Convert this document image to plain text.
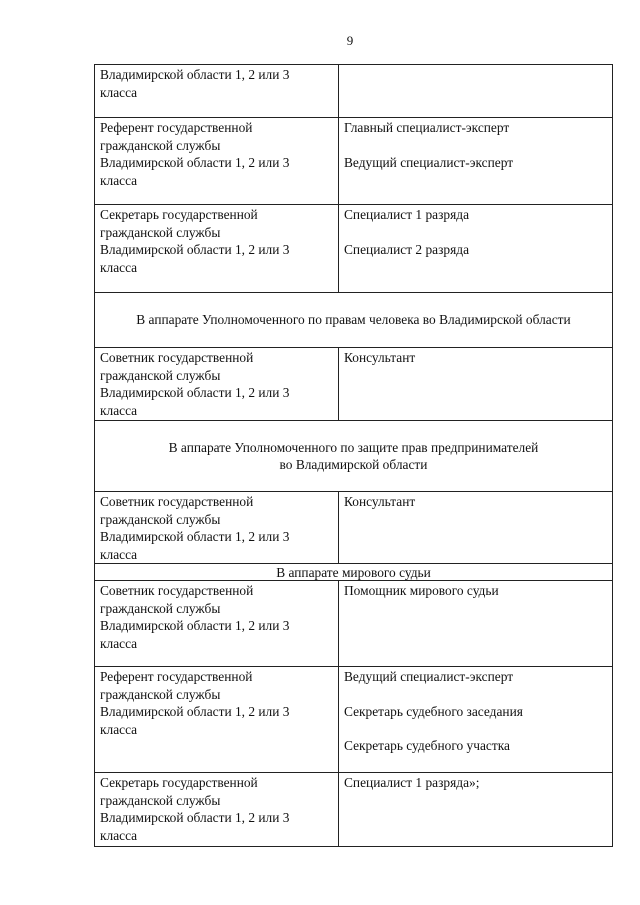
9
Владимирской области 1, 2 или 3
класса	

Референт государственной
гражданской службы
Владимирской области 1, 2 или 3
класса	Главный специалист-эксперт
Ведущий специалист-эксперт

Секретарь государственной
гражданской службы
Владимирской области 1, 2 или 3
класса	Специалист 1 разряда
Специалист 2 разряда

В аппарате Уполномоченного по правам человека во Владимирской области	

Советник государственной
гражданской службы
Владимирской области 1, 2 или 3
класса	Консультант

В аппарате Уполномоченного по защите прав предпринимателей
во Владимирской области	

Советник государственной
гражданской службы
Владимирской области 1, 2 или 3
класса	Консультант

В аппарате мирового судьи	

Советник государственной
гражданской службы
Владимирской области 1, 2 или 3
класса	Помощник мирового судьи

Референт государственной
гражданской службы
Владимирской области 1, 2 или 3
класса	Ведущий специалист-эксперт
Секретарь судебного заседания
Секретарь судебного участка

Секретарь государственной
гражданской службы
Владимирской области 1, 2 или 3
класса	Специалист 1 разряда»;
